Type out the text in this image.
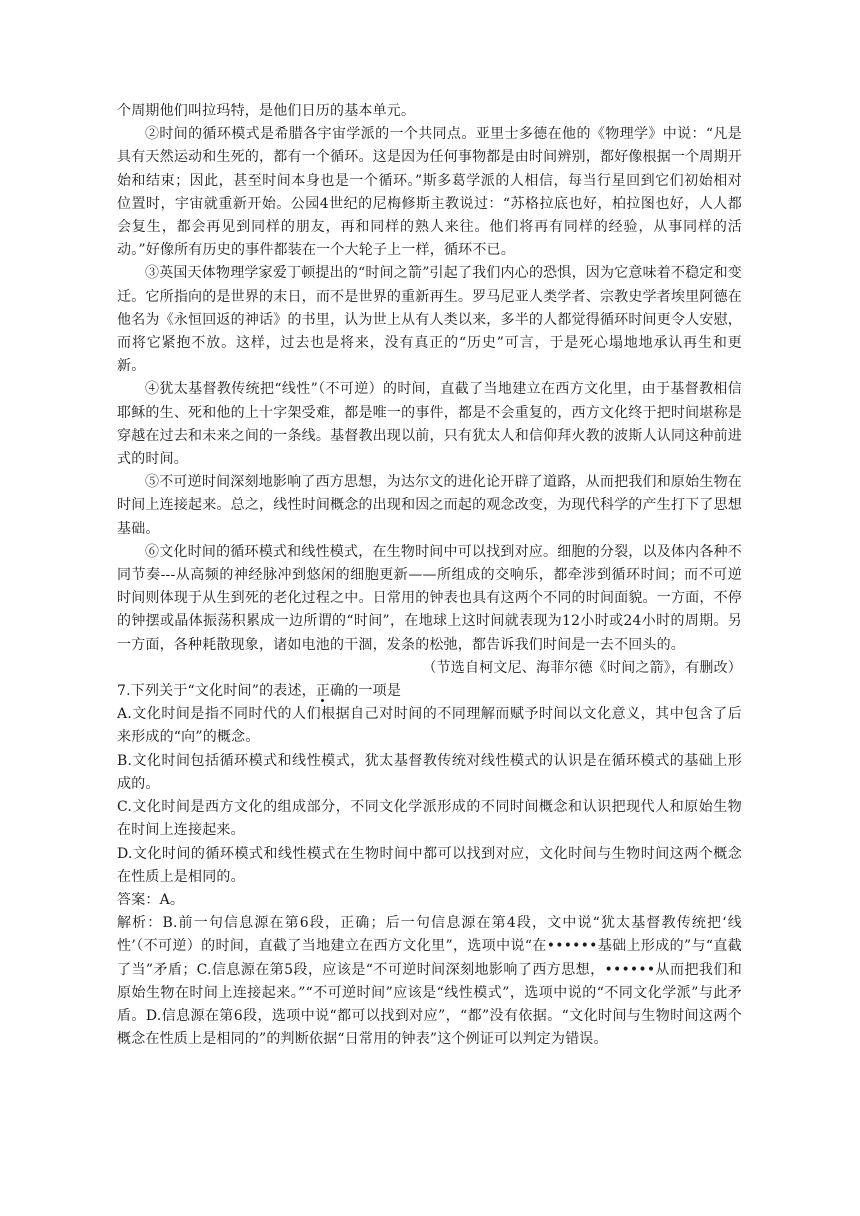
个周期他们叫拉玛特，是他们日历的基本单元。

②时间的循环模式是希腊各宇宙学派的一个共同点。亚里士多德在他的《物理学》中说：“凡是具有天然运动和生死的，都有一个循环。这是因为任何事物都是由时间辨别，都好像根据一个周期开始和结束；因此，甚至时间本身也是一个循环。”斯多葛学派的人相信，每当行星回到它们初始相对位置时，宇宙就重新开始。公园4世纪的尼梅修斯主教说过：“苏格拉底也好，柏拉图也好，人人都会复生，都会再见到同样的朋友，再和同样的熟人来往。他们将再有同样的经验，从事同样的活动。”好像所有历史的事件都装在一个大轮子上一样，循环不已。

③英国天体物理学家爱丁顿提出的“时间之箭”引起了我们内心的恐惧，因为它意味着不稳定和变迁。它所指向的是世界的末日，而不是世界的重新再生。罗马尼亚人类学者、宗教史学者埃里阿德在他名为《永恒回返的神话》的书里，认为世上从有人类以来，多半的人都觉得循环时间更令人安慰，而将它紧抱不放。这样，过去也是将来，没有真正的“历史”可言，于是死心塌地地承认再生和更新。

④犹太基督教传统把“线性”（不可逆）的时间，直截了当地建立在西方文化里，由于基督教相信耶稣的生、死和他的上十字架受难，都是唯一的事件，都是不会重复的，西方文化终于把时间堪称是穿越在过去和未来之间的一条线。基督教出现以前，只有犹太人和信仰拜火教的波斯人认同这种前进式的时间。

⑤不可逆时间深刻地影响了西方思想，为达尔文的进化论开辟了道路，从而把我们和原始生物在时间上连接起来。总之，线性时间概念的出现和因之而起的观念改变，为现代科学的产生打下了思想基础。

⑥文化时间的循环模式和线性模式，在生物时间中可以找到对应。细胞的分裂，以及体内各种不同节奏---从高频的神经脉冲到悠闲的细胞更新——所组成的交响乐，都牵涉到循环时间；而不可逆时间则体现于从生到死的老化过程之中。日常用的钟表也具有这两个不同的时间面貌。一方面，不停的钟摆或晶体振荡积累成一边所谓的“时间”，在地球上这时间就表现为12小时或24小时的周期。另一方面，各种耗散现象，诸如电池的干涸，发条的松弛，都告诉我们时间是一去不回头的。

（节选自柯文尼、海菲尔德《时间之箭》，有删改）

7.下列关于“文化时间”的表述，正确的一项是

A.文化时间是指不同时代的人们根据自己对时间的不同理解而赋予时间以文化意义，其中包含了后来形成的“向”的概念。

B.文化时间包括循环模式和线性模式，犹太基督教传统对线性模式的认识是在循环模式的基础上形成的。

C.文化时间是西方文化的组成部分，不同文化学派形成的不同时间概念和认识把现代人和原始生物在时间上连接起来。

D.文化时间的循环模式和线性模式在生物时间中都可以找到对应，文化时间与生物时间这两个概念在性质上是相同的。

答案：A。

解析：B.前一句信息源在第6段，正确；后一句信息源在第4段，文中说“犹太基督教传统把‘线性’（不可逆）的时间，直截了当地建立在西方文化里”，选项中说“在••••••基础上形成的”与“直截了当”矛盾；C.信息源在第5段，应该是“不可逆时间深刻地影响了西方思想，••••••从而把我们和原始生物在时间上连接起来。”“不可逆时间”应该是“线性模式”，选项中说的“不同文化学派”与此矛盾。D.信息源在第6段，选项中说“都可以找到对应”，“都”没有依据。“文化时间与生物时间这两个概念在性质上是相同的”的判断依据“日常用的钟表”这个例证可以判定为错误。
